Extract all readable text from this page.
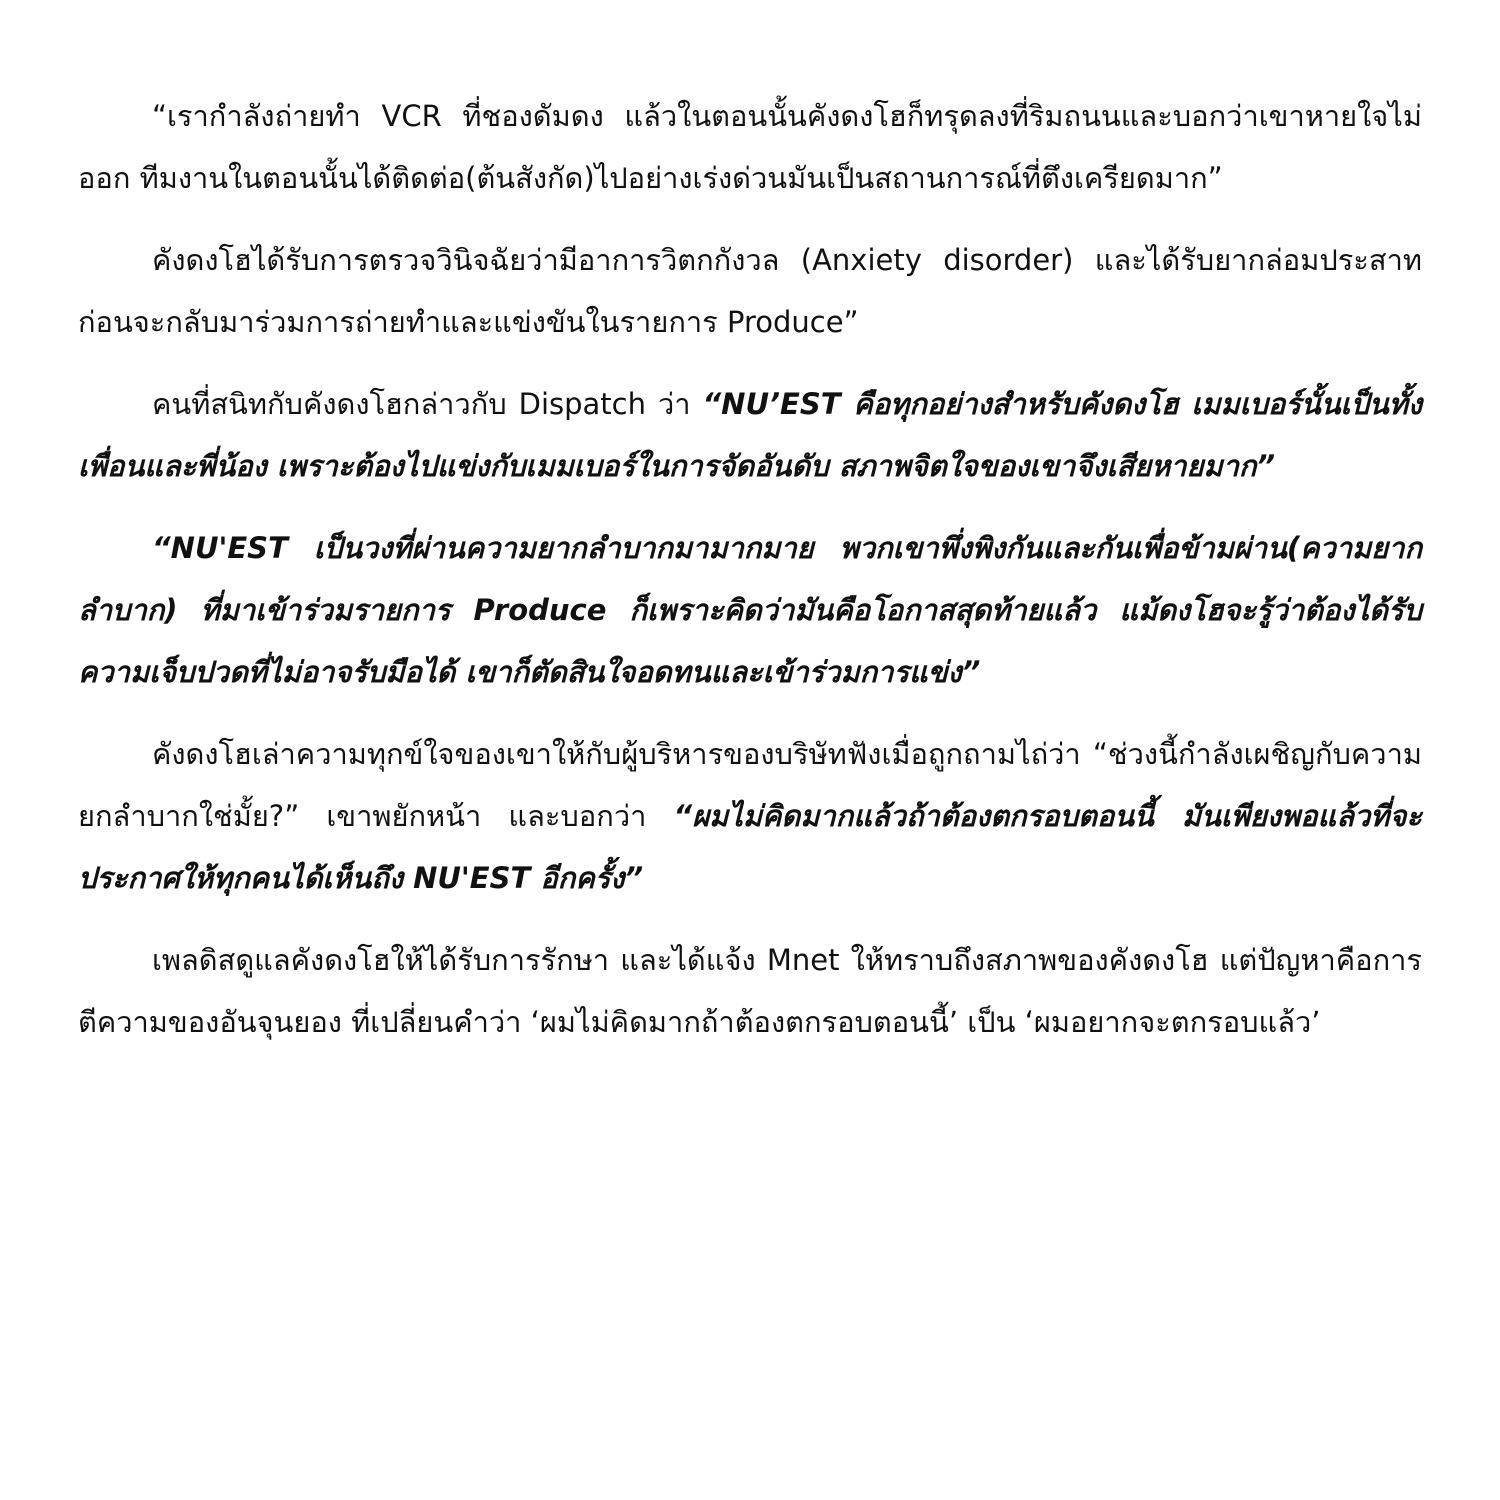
“เรากำลังถ่ายทำ VCR ที่ชองดัมดง แล้วในตอนนั้นคังดงโฮก็ทรุดลงที่ริมถนนและบอกว่าเขาหายใจไม่ออก ทีมงานในตอนนั้นได้ติดต่อ(ต้นสังกัด)ไปอย่างเร่งด่วนมันเป็นสถานการณ์ที่ตึงเครียดมาก”

คังดงโฮได้รับการตรวจวินิจฉัยว่ามีอาการวิตกกังวล (Anxiety disorder) และได้รับยากล่อมประสาทก่อนจะกลับมาร่วมการถ่ายทำและแข่งขันในรายการ Produce”

คนที่สนิทกับคังดงโฮกล่าวกับ Dispatch ว่า “NU’EST คือทุกอย่างสำหรับคังดงโฮ เมมเบอร์นั้นเป็นทั้งเพื่อนและพี่น้อง เพราะต้องไปแข่งกับเมมเบอร์ในการจัดอันดับ สภาพจิตใจของเขาจึงเสียหายมาก”

“NU'EST เป็นวงที่ผ่านความยากลำบากมามากมาย พวกเขาพึ่งพิงกันและกันเพื่อข้ามผ่าน(ความยากลำบาก) ที่มาเข้าร่วมรายการ Produce ก็เพราะคิดว่ามันคือโอกาสสุดท้ายแล้ว แม้ดงโฮจะรู้ว่าต้องได้รับความเจ็บปวดที่ไม่อาจรับมือได้ เขาก็ตัดสินใจอดทนและเข้าร่วมการแข่ง”

คังดงโฮเล่าความทุกข์ใจของเขาให้กับผู้บริหารของบริษัทฟังเมื่อถูกถามไถ่ว่า “ช่วงนี้กำลังเผชิญกับความยกลำบากใช่มั้ย?” เขาพยักหน้า และบอกว่า “ผมไม่คิดมากแล้วถ้าต้องตกรอบตอนนี้ มันเพียงพอแล้วที่จะประกาศให้ทุกคนได้เห็นถึง NU'EST อีกครั้ง”

เพลดิสดูแลคังดงโฮให้ได้รับการรักษา และได้แจ้ง Mnet ให้ทราบถึงสภาพของคังดงโฮ แต่ปัญหาคือการตีความของอันจุนยอง ที่เปลี่ยนคำว่า ‘ผมไม่คิดมากถ้าต้องตกรอบตอนนี้’ เป็น ‘ผมอยากจะตกรอบแล้ว’
